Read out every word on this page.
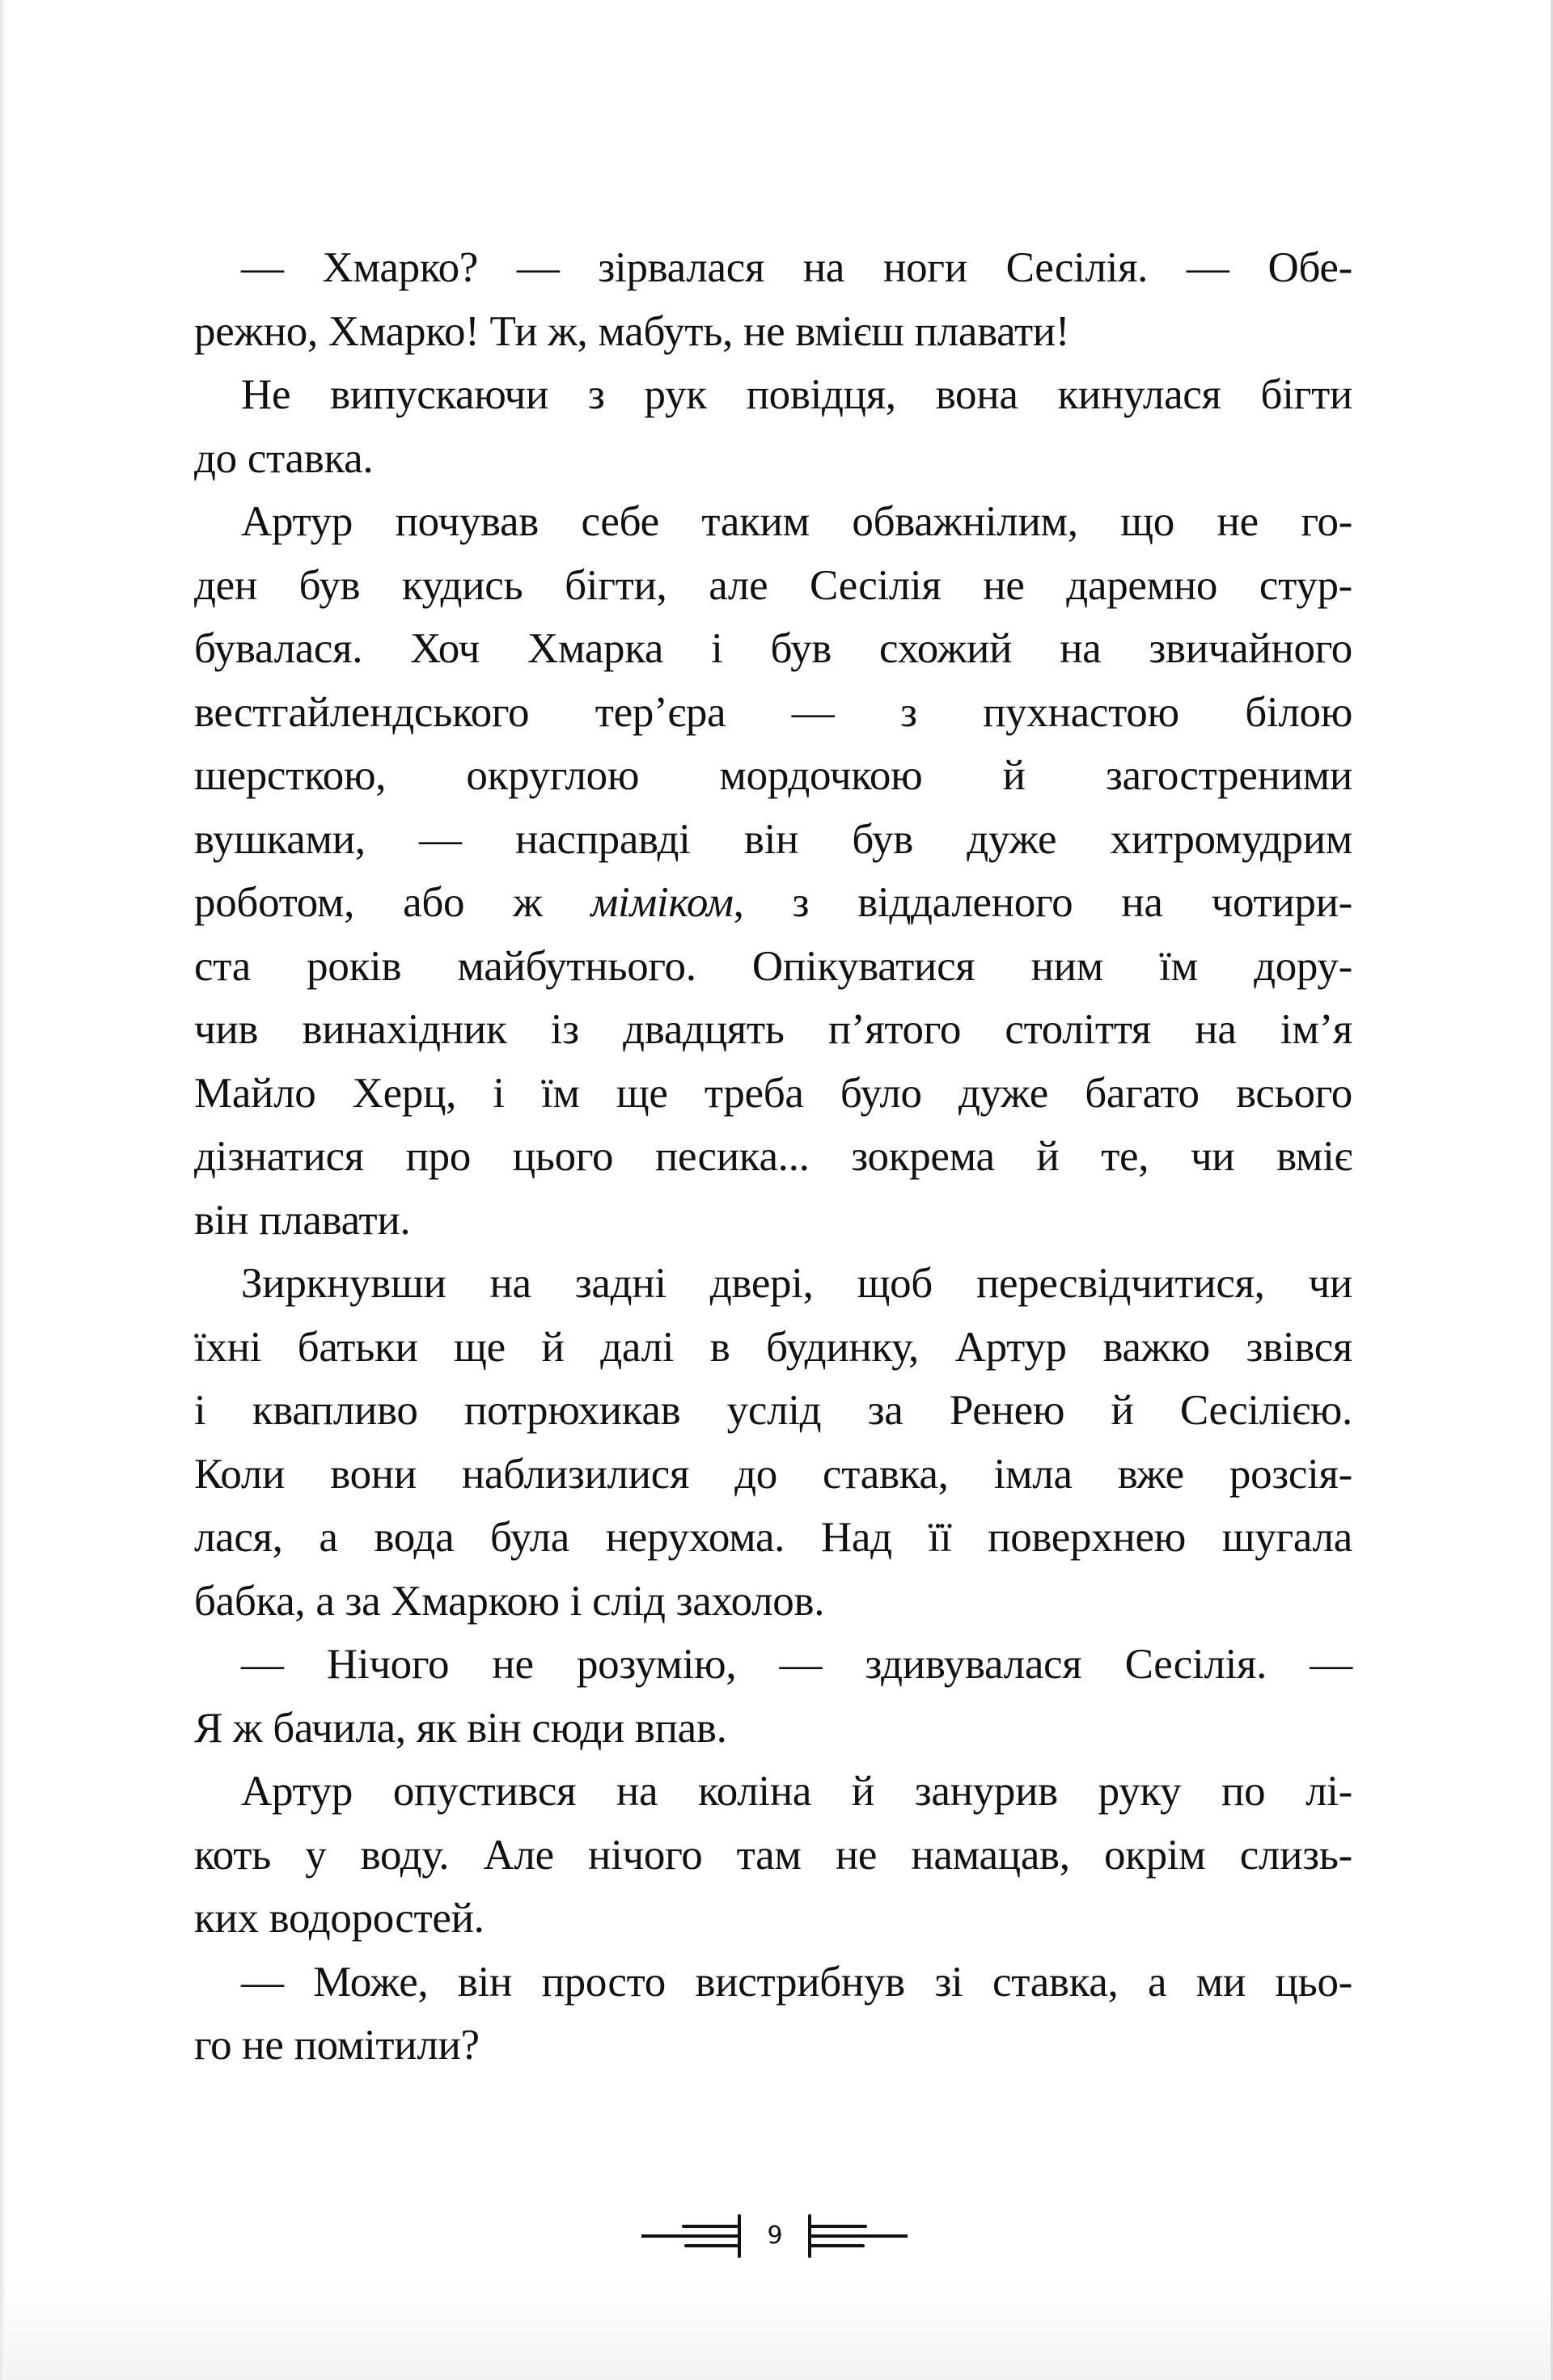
— Хмарко? — зірвалася на ноги Сесілія. — Обе-
режно, Хмарко! Ти ж, мабуть, не вмієш плавати!
Не випускаючи з рук повідця, вона кинулася бігти
до ставка.
Артур почував себе таким обважнілим, що не го-
ден був кудись бігти, але Сесілія не даремно стур-
бувалася. Хоч Хмарка і був схожий на звичайного
вестгайлендського тер’єра — з пухнастою білою
шерсткою, округлою мордочкою й загостреними
вушками, — насправді він був дуже хитромудрим
роботом, або ж міміком, з віддаленого на чотири-
ста років майбутнього. Опікуватися ним їм дору-
чив винахідник із двадцять п’ятого століття на ім’я
Майло Херц, і їм ще треба було дуже багато всього
дізнатися про цього песика... зокрема й те, чи вміє
він плавати.
Зиркнувши на задні двері, щоб пересвідчитися, чи
їхні батьки ще й далі в будинку, Артур важко звівся
і квапливо потрюхикав услід за Ренею й Сесілією.
Коли вони наблизилися до ставка, імла вже розсія-
лася, а вода була нерухома. Над її поверхнею шугала
бабка, а за Хмаркою і слід захолов.
— Нічого не розумію, — здивувалася Сесілія. —
Я ж бачила, як він сюди впав.
Артур опустився на коліна й занурив руку по лі-
коть у воду. Але нічого там не намацав, окрім слизь-
ких водоростей.
— Може, він просто вистрибнув зі ставка, а ми цьо-
го не помітили?
9
